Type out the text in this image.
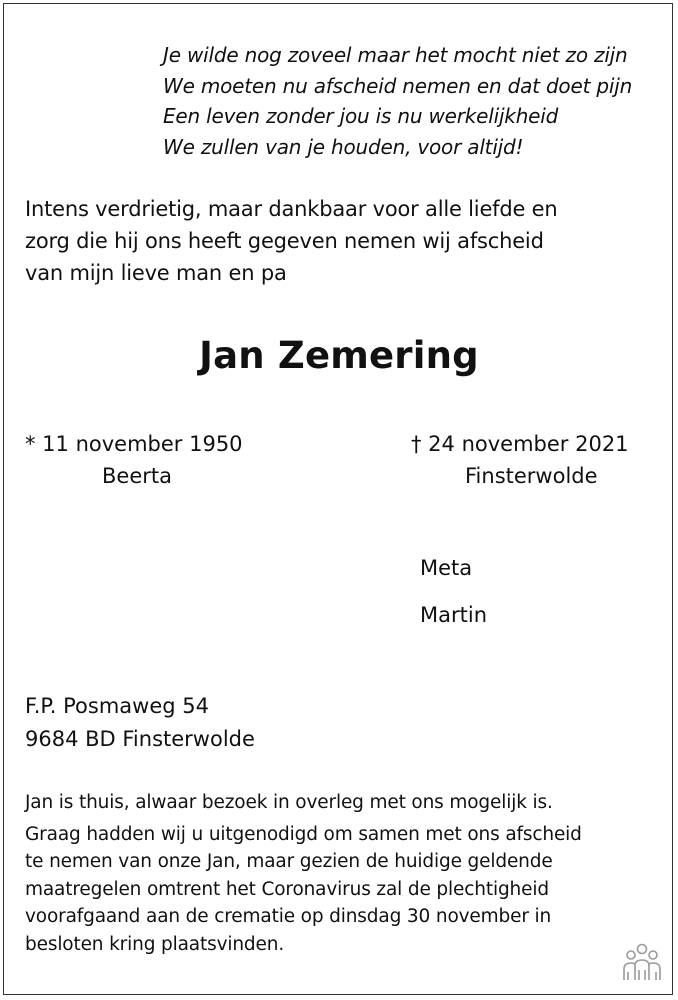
Je wilde nog zoveel maar het mocht niet zo zijn
We moeten nu afscheid nemen en dat doet pijn
Een leven zonder jou is nu werkelijkheid
We zullen van je houden, voor altijd!
Intens verdrietig, maar dankbaar voor alle liefde en
zorg die hij ons heeft gegeven nemen wij afscheid
van mijn lieve man en pa
Jan Zemering
* 11 november 1950
Beerta
† 24 november 2021
Finsterwolde
Meta
Martin
F.P. Posmaweg 54
9684 BD Finsterwolde
Jan is thuis, alwaar bezoek in overleg met ons mogelijk is.
Graag hadden wij u uitgenodigd om samen met ons afscheid
te nemen van onze Jan, maar gezien de huidige geldende
maatregelen omtrent het Coronavirus zal de plechtigheid
voorafgaand aan de crematie op dinsdag 30 november in
besloten kring plaatsvinden.
